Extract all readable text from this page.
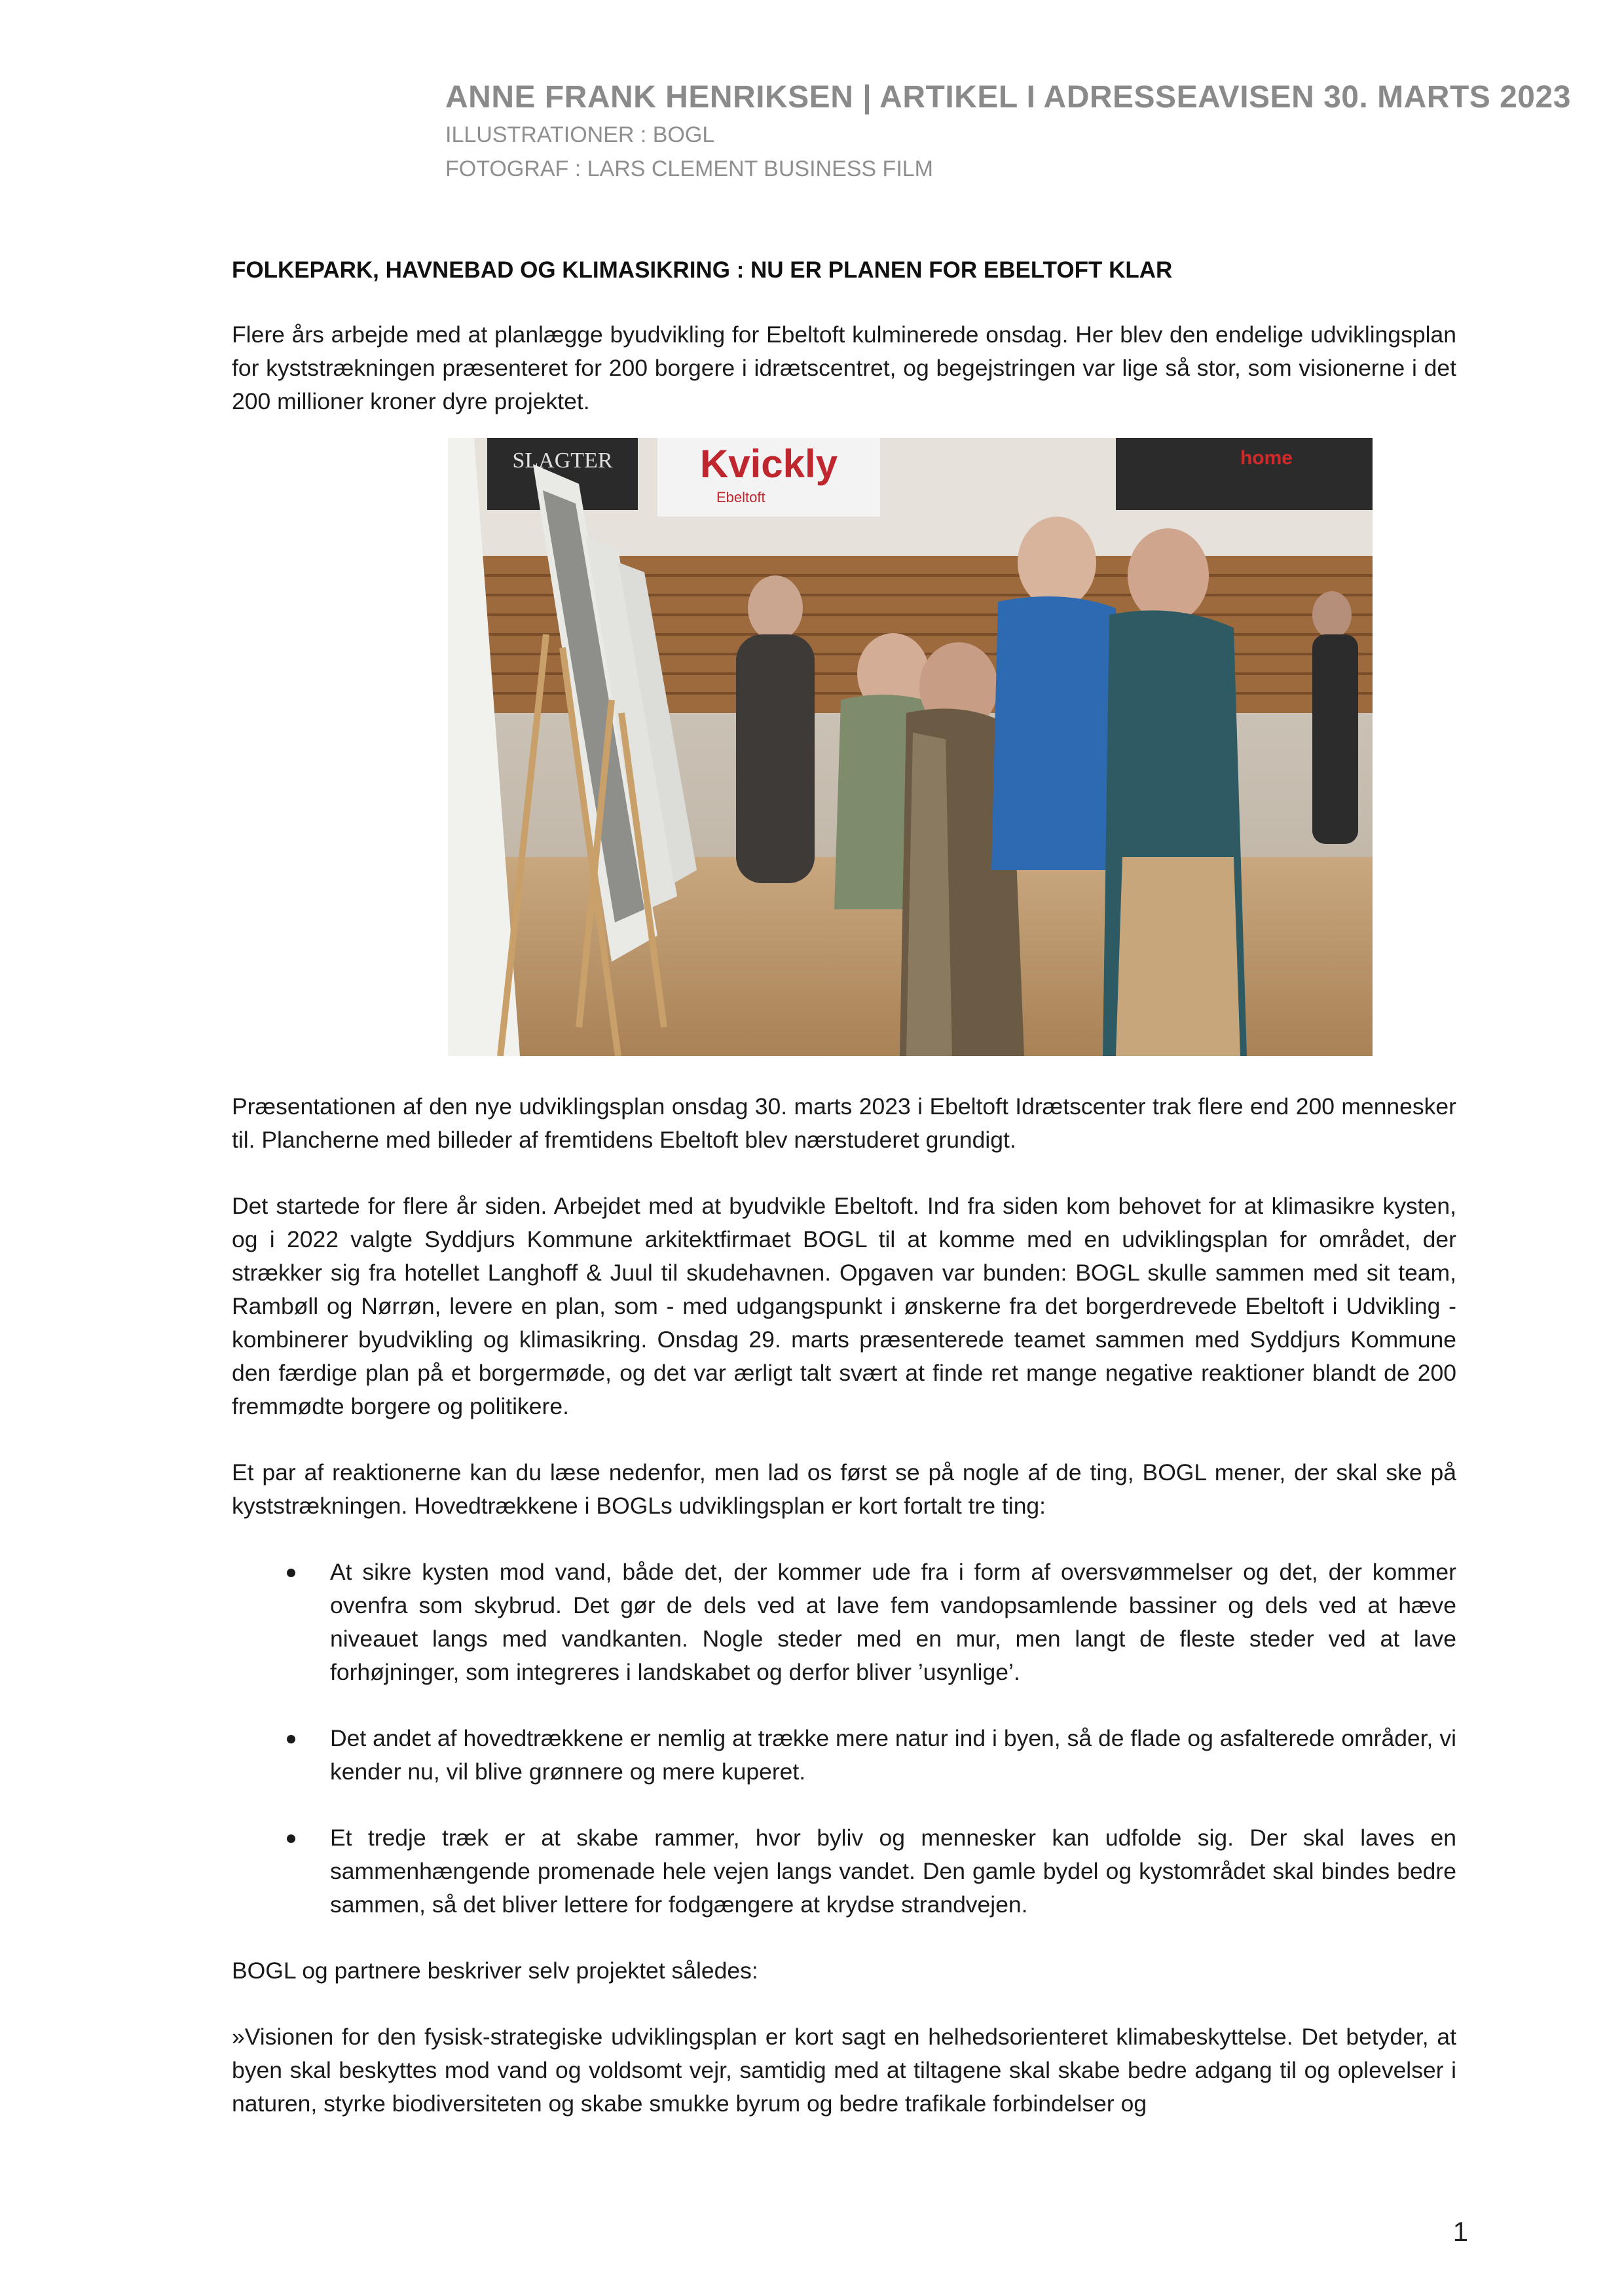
ANNE FRANK HENRIKSEN | ARTIKEL I ADRESSEAVISEN 30. MARTS 2023
ILLUSTRATIONER : BOGL
FOTOGRAF : LARS CLEMENT BUSINESS FILM
FOLKEPARK, HAVNEBAD OG KLIMASIKRING : NU ER PLANEN FOR EBELTOFT KLAR

Flere års arbejde med at planlægge byudvikling for Ebeltoft kulminerede onsdag. Her blev den endelige udviklingsplan for kyststrækningen præsenteret for 200 borgere i idrætscentret, og begejstringen var lige så stor, som visionerne i det 200 millioner kroner dyre projektet.

SLAGTER Kvickly
Ebeltoft
home

Præsentationen af den nye udviklingsplan onsdag 30. marts 2023 i Ebeltoft Idrætscenter trak flere end 200 mennesker til. Plancherne med billeder af fremtidens Ebeltoft blev nærstuderet grundigt.

Det startede for flere år siden. Arbejdet med at byudvikle Ebeltoft. Ind fra siden kom behovet for at klimasikre kysten, og i 2022 valgte Syddjurs Kommune arkitektfirmaet BOGL til at komme med en udviklingsplan for området, der strækker sig fra hotellet Langhoff & Juul til skudehavnen. Opgaven var bunden: BOGL skulle sammen med sit team, Rambøll og Nørrøn, levere en plan, som - med udgangspunkt i ønskerne fra det borgerdrevede Ebeltoft i Udvikling - kombinerer byudvikling og klimasikring. Onsdag 29. marts præsenterede teamet sammen med Syddjurs Kommune den færdige plan på et borgermøde, og det var ærligt talt svært at finde ret mange negative reaktioner blandt de 200 fremmødte borgere og politikere.

Et par af reaktionerne kan du læse nedenfor, men lad os først se på nogle af de ting, BOGL mener, der skal ske på kyststrækningen. Hovedtrækkene i BOGLs udviklingsplan er kort fortalt tre ting:

At sikre kysten mod vand, både det, der kommer ude fra i form af oversvømmelser og det, der kommer ovenfra som skybrud. Det gør de dels ved at lave fem vandopsamlende bassiner og dels ved at hæve niveauet langs med vandkanten. Nogle steder med en mur, men langt de fleste steder ved at lave forhøjninger, som integreres i landskabet og derfor bliver ’usynlige’.
Det andet af hovedtrækkene er nemlig at trække mere natur ind i byen, så de flade og asfalterede områder, vi kender nu, vil blive grønnere og mere kuperet.
Et tredje træk er at skabe rammer, hvor byliv og mennesker kan udfolde sig. Der skal laves en sammenhængende promenade hele vejen langs vandet. Den gamle bydel og kystområdet skal bindes bedre sammen, så det bliver lettere for fodgængere at krydse strandvejen.

BOGL og partnere beskriver selv projektet således:

»Visionen for den fysisk-strategiske udviklingsplan er kort sagt en helhedsorienteret klimabeskyttelse. Det betyder, at byen skal beskyttes mod vand og voldsomt vejr, samtidig med at tiltagene skal skabe bedre adgang til og oplevelser i naturen, styrke biodiversiteten og skabe smukke byrum og bedre trafikale forbindelser og

1
